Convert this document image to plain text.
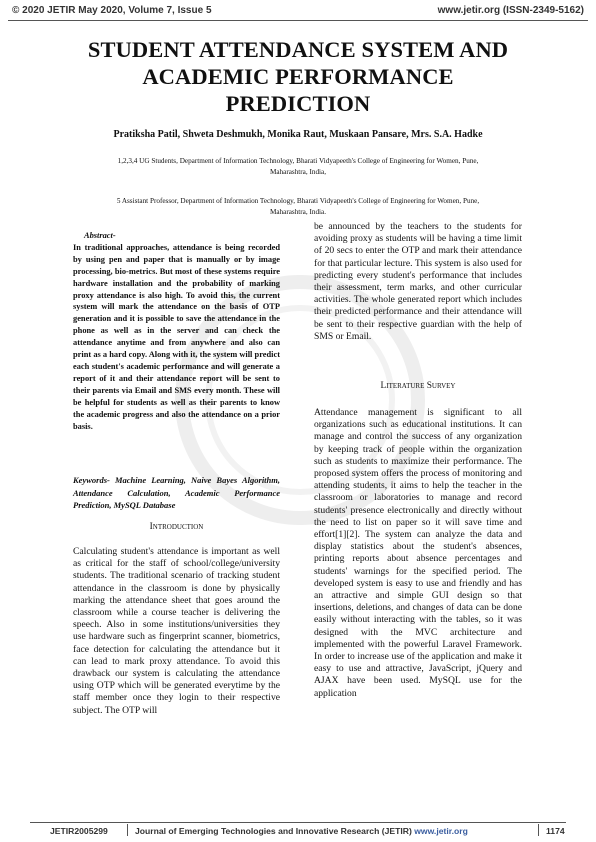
© 2020 JETIR May 2020, Volume 7, Issue 5	www.jetir.org (ISSN-2349-5162)
STUDENT ATTENDANCE SYSTEM AND
ACADEMIC PERFORMANCE
PREDICTION
Pratiksha Patil, Shweta Deshmukh, Monika Raut, Muskaan Pansare, Mrs. S.A. Hadke
1,2,3,4 UG Students, Department of Information Technology, Bharati Vidyapeeth's College of Engineering for Women, Pune,
Maharashtra, India,
5 Assistant Professor, Department of Information Technology, Bharati Vidyapeeth's College of Engineering for Women, Pune,
Maharashtra, India.
Abstract-
In traditional approaches, attendance is being recorded by using pen and paper that is manually or by image processing, bio-metrics. But most of these systems require hardware installation and the probability of marking proxy attendance is also high. To avoid this, the current system will mark the attendance on the basis of OTP generation and it is possible to save the attendance in the phone as well as in the server and can check the attendance anytime and from anywhere and also can print as a hard copy. Along with it, the system will predict each student's academic performance and will generate a report of it and their attendance report will be sent to their parents via Email and SMS every month. These will be helpful for students as well as their parents to know the academic progress and also the attendance on a prior basis.
Keywords- Machine Learning, Naive Bayes Algorithm, Attendance Calculation, Academic Performance Prediction, MySQL Database
Introduction
Calculating student's attendance is important as well as critical for the staff of school/college/university students. The traditional scenario of tracking student attendance in the classroom is done by physically marking the attendance sheet that goes around the classroom while a course teacher is delivering the speech. Also in some institutions/universities they use hardware such as fingerprint scanner, biometrics, face detection for calculating the attendance but it can lead to mark proxy attendance. To avoid this drawback our system is calculating the attendance using OTP which will be generated everytime by the staff member once they login to their respective subject. The OTP will
be announced by the teachers to the students for avoiding proxy as students will be having a time limit of 20 secs to enter the OTP and mark their attendance for that particular lecture. This system is also used for predicting every student's performance that includes their assessment, term marks, and other curricular activities. The whole generated report which includes their predicted performance and their attendance will be sent to their respective guardian with the help of SMS or Email.
Literature Survey
Attendance management is significant to all organizations such as educational institutions. It can manage and control the success of any organization by keeping track of people within the organization such as students to maximize their performance. The proposed system offers the process of monitoring and attending students, it aims to help the teacher in the classroom or laboratories to manage and record students' presence electronically and directly without the need to list on paper so it will save time and effort[1][2]. The system can analyze the data and display statistics about the student's absences, printing reports about absence percentages and students' warnings for the specified period. The developed system is easy to use and friendly and has an attractive and simple GUI design so that insertions, deletions, and changes of data can be done easily without interacting with the tables, so it was designed with the MVC architecture and implemented with the powerful Laravel Framework. In order to increase use of the application and make it easy to use and attractive, JavaScript, jQuery and AJAX have been used. MySQL use for the application
JETIR2005299	Journal of Emerging Technologies and Innovative Research (JETIR) www.jetir.org	1174
